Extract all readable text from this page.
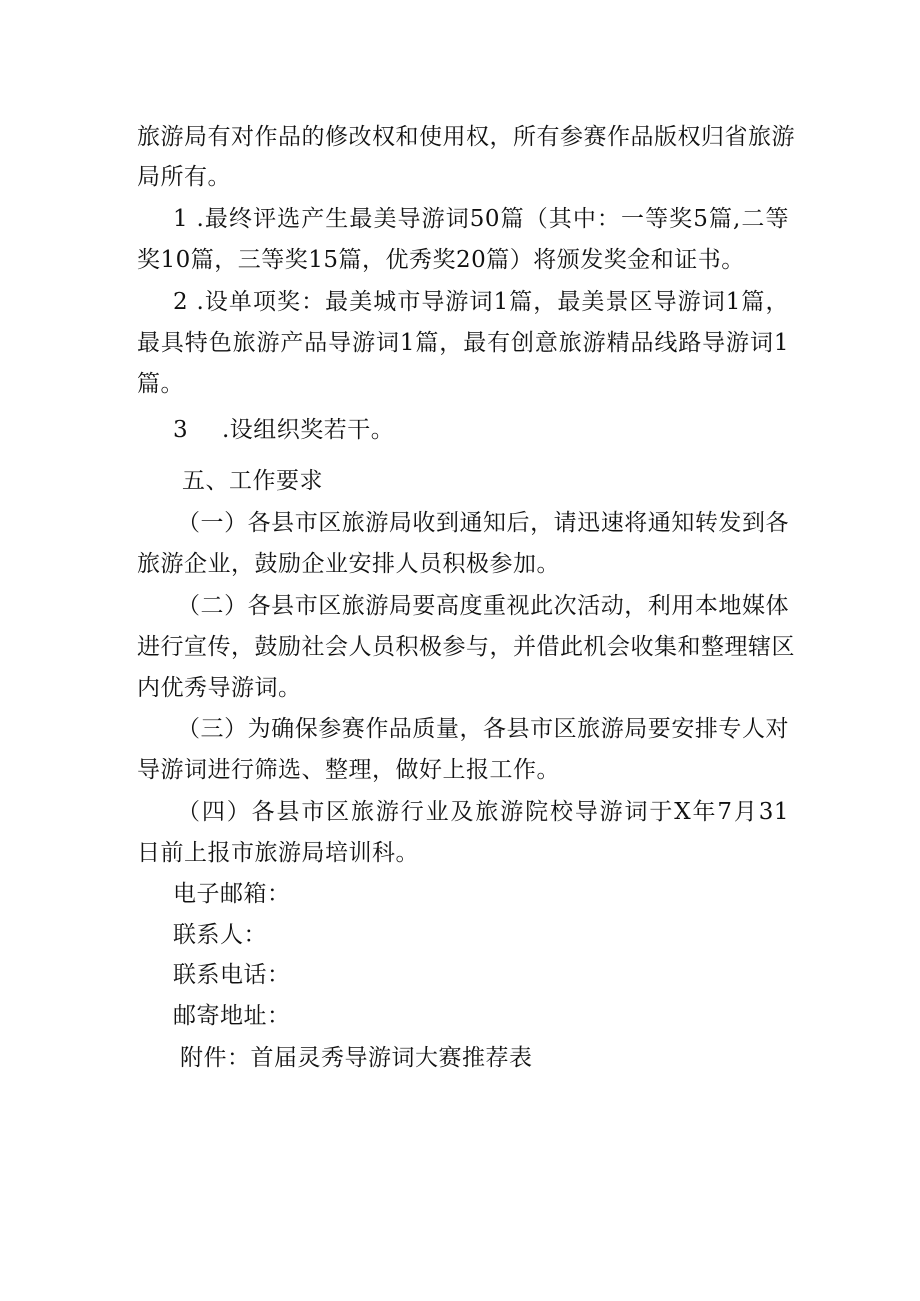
旅游局有对作品的修改权和使用权，所有参赛作品版权归省旅游
局所有。
1 .最终评选产生最美导游词50篇（其中：一等奖5篇,二等
奖10篇，三等奖15篇，优秀奖20篇）将颁发奖金和证书。
2 .设单项奖：最美城市导游词1篇，最美景区导游词1篇，
最具特色旅游产品导游词1篇，最有创意旅游精品线路导游词1
篇。
3 .设组织奖若干。
五、工作要求
（一）各县市区旅游局收到通知后，请迅速将通知转发到各
旅游企业，鼓励企业安排人员积极参加。
（二）各县市区旅游局要高度重视此次活动，利用本地媒体
进行宣传，鼓励社会人员积极参与，并借此机会收集和整理辖区
内优秀导游词。
（三）为确保参赛作品质量，各县市区旅游局要安排专人对
导游词进行筛选、整理，做好上报工作。
（四）各县市区旅游行业及旅游院校导游词于X年7月31
日前上报市旅游局培训科。
电子邮箱：
联系人：
联系电话：
邮寄地址：
附件：首届灵秀导游词大赛推荐表
